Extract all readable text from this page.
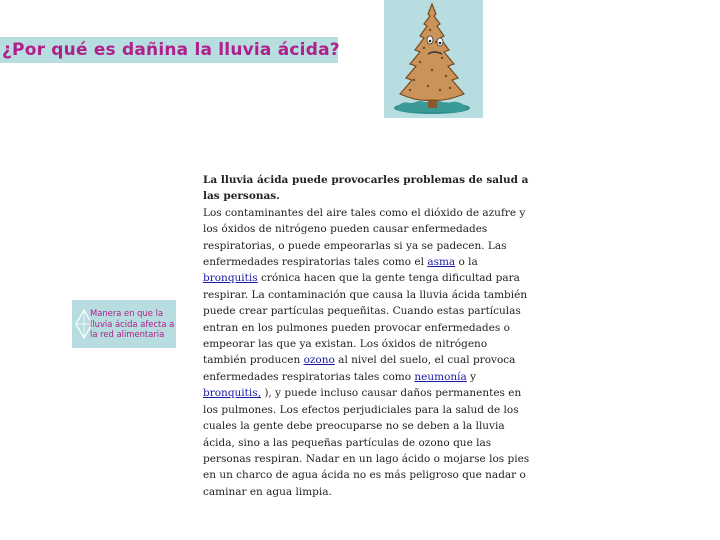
¿Por qué es dañina la lluvia ácida?
Manera en que la lluvia ácida afecta a la red alimentaria
La lluvia ácida puede provocarles problemas de salud a las personas.
Los contaminantes del aire tales como el dióxido de azufre y los óxidos de nitrógeno pueden causar enfermedades respiratorias, o puede empeorarlas si ya se padecen. Las enfermedades respiratorias tales como el asma o la bronquitis crónica hacen que la gente tenga dificultad para respirar. La contaminación que causa la lluvia ácida también puede crear partículas pequeñitas. Cuando estas partículas entran en los pulmones pueden provocar enfermedades o empeorar las que ya existan. Los óxidos de nitrógeno también producen ozono al nivel del suelo, el cual provoca enfermedades respiratorias tales como neumonía y bronquitis, ), y puede incluso causar daños permanentes en los pulmones. Los efectos perjudiciales para la salud de los cuales la gente debe preocuparse no se deben a la lluvia ácida, sino a las pequeñas partículas de ozono que las personas respiran. Nadar en un lago ácido o mojarse los pies en un charco de agua ácida no es más peligroso que nadar o caminar en agua limpia.
